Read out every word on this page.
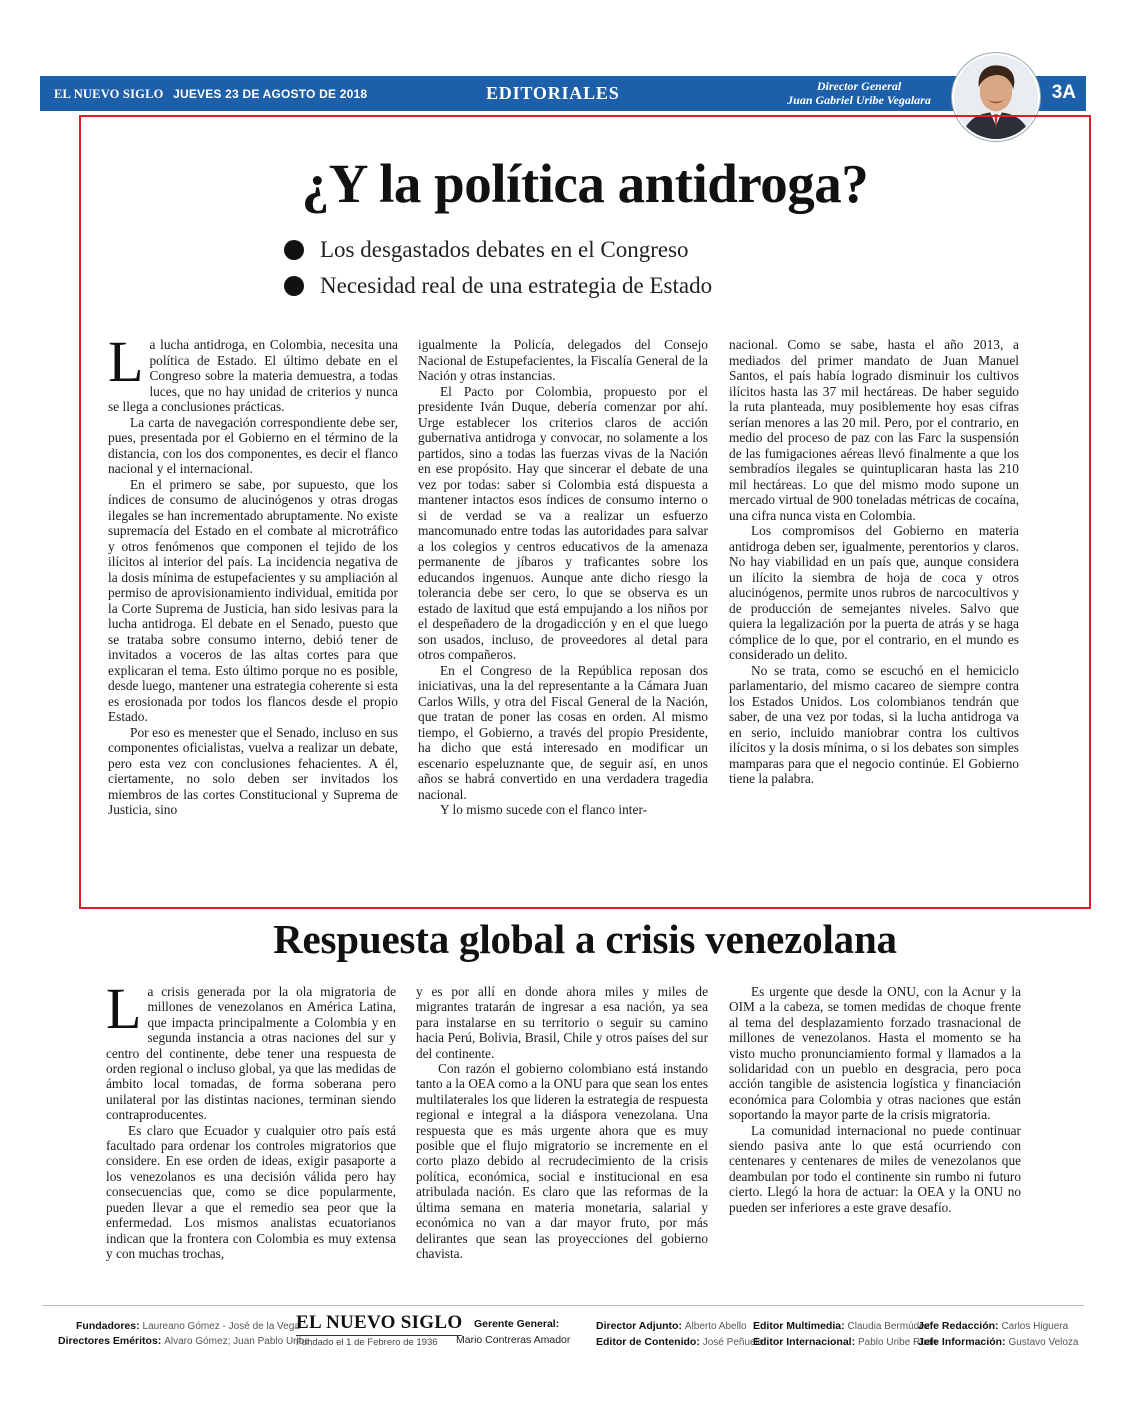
EL NUEVO SIGLO JUEVES 23 DE AGOSTO DE 2018	EDITORIALES	Director General
Juan Gabriel Uribe Vegalara	3A
¿Y la política antidroga?
Los desgastados debates en el Congreso
Necesidad real de una estrategia de Estado

La lucha antidroga, en Colombia, necesita una política de Estado. El último debate en el Congreso sobre la materia demuestra, a todas luces, que no hay unidad de criterios y nunca se llega a conclusiones prácticas.

La carta de navegación correspondiente debe ser, pues, presentada por el Gobierno en el término de la distancia, con los dos componentes, es decir el flanco nacional y el internacional.

En el primero se sabe, por supuesto, que los índices de consumo de alucinógenos y otras drogas ilegales se han incrementado abruptamente. No existe supremacía del Estado en el combate al microtráfico y otros fenómenos que componen el tejido de los ilícitos al interior del país. La incidencia negativa de la dosis mínima de estupefacientes y su ampliación al permiso de aprovisionamiento individual, emitida por la Corte Suprema de Justicia, han sido lesivas para la lucha antidroga. El debate en el Senado, puesto que se trataba sobre consumo interno, debió tener de invitados a voceros de las altas cortes para que explicaran el tema. Esto último porque no es posible, desde luego, mantener una estrategia coherente si esta es erosionada por todos los flancos desde el propio Estado.

Por eso es menester que el Senado, incluso en sus componentes oficialistas, vuelva a realizar un debate, pero esta vez con conclusiones fehacientes. A él, ciertamente, no solo deben ser invitados los miembros de las cortes Constitucional y Suprema de Justicia, sino

igualmente la Policía, delegados del Consejo Nacional de Estupefacientes, la Fiscalía General de la Nación y otras instancias.

El Pacto por Colombia, propuesto por el presidente Iván Duque, debería comenzar por ahí. Urge establecer los criterios claros de acción gubernativa antidroga y convocar, no solamente a los partidos, sino a todas las fuerzas vivas de la Nación en ese propósito. Hay que sincerar el debate de una vez por todas: saber si Colombia está dispuesta a mantener intactos esos índices de consumo interno o si de verdad se va a realizar un esfuerzo mancomunado entre todas las autoridades para salvar a los colegios y centros educativos de la amenaza permanente de jíbaros y traficantes sobre los educandos ingenuos. Aunque ante dicho riesgo la tolerancia debe ser cero, lo que se observa es un estado de laxitud que está empujando a los niños por el despeñadero de la drogadicción y en el que luego son usados, incluso, de proveedores al detal para otros compañeros.

En el Congreso de la República reposan dos iniciativas, una la del representante a la Cámara Juan Carlos Wills, y otra del Fiscal General de la Nación, que tratan de poner las cosas en orden. Al mismo tiempo, el Gobierno, a través del propio Presidente, ha dicho que está interesado en modificar un escenario espeluznante que, de seguir así, en unos años se habrá convertido en una verdadera tragedia nacional.

Y lo mismo sucede con el flanco inter-

nacional. Como se sabe, hasta el año 2013, a mediados del primer mandato de Juan Manuel Santos, el país había logrado disminuir los cultivos ilícitos hasta las 37 mil hectáreas. De haber seguido la ruta planteada, muy posiblemente hoy esas cifras serían menores a las 20 mil. Pero, por el contrario, en medio del proceso de paz con las Farc la suspensión de las fumigaciones aéreas llevó finalmente a que los sembradíos ilegales se quintuplicaran hasta las 210 mil hectáreas. Lo que del mismo modo supone un mercado virtual de 900 toneladas métricas de cocaína, una cifra nunca vista en Colombia.

Los compromisos del Gobierno en materia antidroga deben ser, igualmente, perentorios y claros. No hay viabilidad en un país que, aunque considera un ilícito la siembra de hoja de coca y otros alucinógenos, permite unos rubros de narcocultivos y de producción de semejantes niveles. Salvo que quiera la legalización por la puerta de atrás y se haga cómplice de lo que, por el contrario, en el mundo es considerado un delito.

No se trata, como se escuchó en el hemiciclo parlamentario, del mismo cacareo de siempre contra los Estados Unidos. Los colombianos tendrán que saber, de una vez por todas, si la lucha antidroga va en serio, incluido maniobrar contra los cultivos ilícitos y la dosis mínima, o si los debates son simples mamparas para que el negocio continúe. El Gobierno tiene la palabra.

Respuesta global a crisis venezolana

La crisis generada por la ola migratoria de millones de venezolanos en América Latina, que impacta principalmente a Colombia y en segunda instancia a otras naciones del sur y centro del continente, debe tener una respuesta de orden regional o incluso global, ya que las medidas de ámbito local tomadas, de forma soberana pero unilateral por las distintas naciones, terminan siendo contraproducentes.

Es claro que Ecuador y cualquier otro país está facultado para ordenar los controles migratorios que considere. En ese orden de ideas, exigir pasaporte a los venezolanos es una decisión válida pero hay consecuencias que, como se dice popularmente, pueden llevar a que el remedio sea peor que la enfermedad. Los mismos analistas ecuatorianos indican que la frontera con Colombia es muy extensa y con muchas trochas,

y es por allí en donde ahora miles y miles de migrantes tratarán de ingresar a esa nación, ya sea para instalarse en su territorio o seguir su camino hacia Perú, Bolivia, Brasil, Chile y otros países del sur del continente.

Con razón el gobierno colombiano está instando tanto a la OEA como a la ONU para que sean los entes multilaterales los que lideren la estrategia de respuesta regional e integral a la diáspora venezolana. Una respuesta que es más urgente ahora que es muy posible que el flujo migratorio se incremente en el corto plazo debido al recrudecimiento de la crisis política, económica, social e institucional en esa atribulada nación. Es claro que las reformas de la última semana en materia monetaria, salarial y económica no van a dar mayor fruto, por más delirantes que sean las proyecciones del gobierno chavista.

Es urgente que desde la ONU, con la Acnur y la OIM a la cabeza, se tomen medidas de choque frente al tema del desplazamiento forzado trasnacional de millones de venezolanos. Hasta el momento se ha visto mucho pronunciamiento formal y llamados a la solidaridad con un pueblo en desgracia, pero poca acción tangible de asistencia logística y financiación económica para Colombia y otras naciones que están soportando la mayor parte de la crisis migratoria.

La comunidad internacional no puede continuar siendo pasiva ante lo que está ocurriendo con centenares y centenares de miles de venezolanos que deambulan por todo el continente sin rumbo ni futuro cierto. Llegó la hora de actuar: la OEA y la ONU no pueden ser inferiores a este grave desafío.

Fundadores: Laureano Gómez - José de la Vega
Directores Eméritos: Alvaro Gómez; Juan Pablo Uribe
EL NUEVO SIGLO
Fundado el 1 de Febrero de 1936
Gerente General:
Mario Contreras Amador
Director Adjunto: Alberto Abello
Editor de Contenido: José Peñuela
Editor Multimedia: Claudia Bermúdez
Editor Internacional: Pablo Uribe Ruan
Jefe Redacción: Carlos Higuera
Jefe Información: Gustavo Veloza
